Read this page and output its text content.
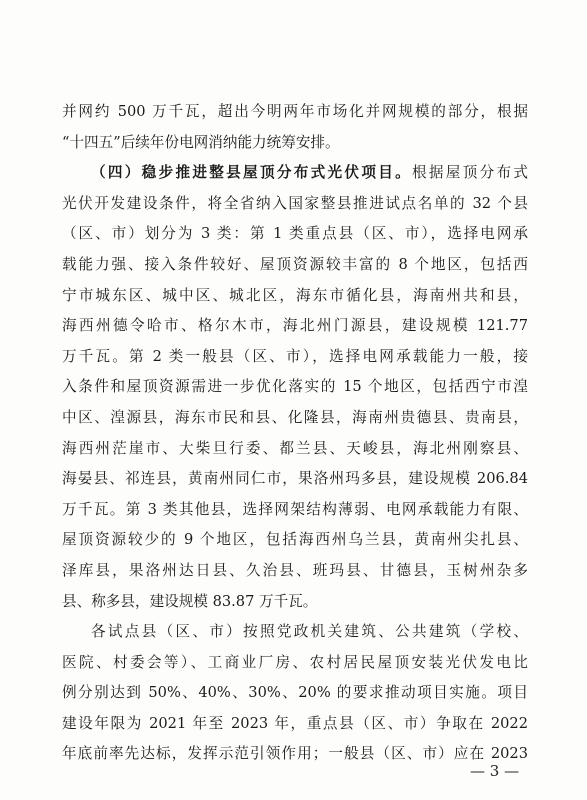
并网约 500 万千瓦，超出今明两年市场化并网规模的部分，根据
“十四五”后续年份电网消纳能力统筹安排。
（四）稳步推进整县屋顶分布式光伏项目。根据屋顶分布式
光伏开发建设条件，将全省纳入国家整县推进试点名单的 32 个县
（区、市）划分为 3 类：第 1 类重点县（区、市），选择电网承
载能力强、接入条件较好、屋顶资源较丰富的 8 个地区，包括西
宁市城东区、城中区、城北区，海东市循化县，海南州共和县，
海西州德令哈市、格尔木市，海北州门源县，建设规模 121.77
万千瓦。第 2 类一般县（区、市），选择电网承载能力一般，接
入条件和屋顶资源需进一步优化落实的 15 个地区，包括西宁市湟
中区、湟源县，海东市民和县、化隆县，海南州贵德县、贵南县，
海西州茫崖市、大柴旦行委、都兰县、天峻县，海北州刚察县、
海晏县、祁连县，黄南州同仁市，果洛州玛多县，建设规模 206.84
万千瓦。第 3 类其他县，选择网架结构薄弱、电网承载能力有限、
屋顶资源较少的 9 个地区，包括海西州乌兰县，黄南州尖扎县、
泽库县，果洛州达日县、久治县、班玛县、甘德县，玉树州杂多
县、称多县，建设规模 83.87 万千瓦。
各试点县（区、市）按照党政机关建筑、公共建筑（学校、
医院、村委会等）、工商业厂房、农村居民屋顶安装光伏发电比
例分别达到 50%、40%、30%、20% 的要求推动项目实施。项目
建设年限为 2021 年至 2023 年，重点县（区、市）争取在 2022
年底前率先达标，发挥示范引领作用；一般县（区、市）应在 2023
— 3 —
